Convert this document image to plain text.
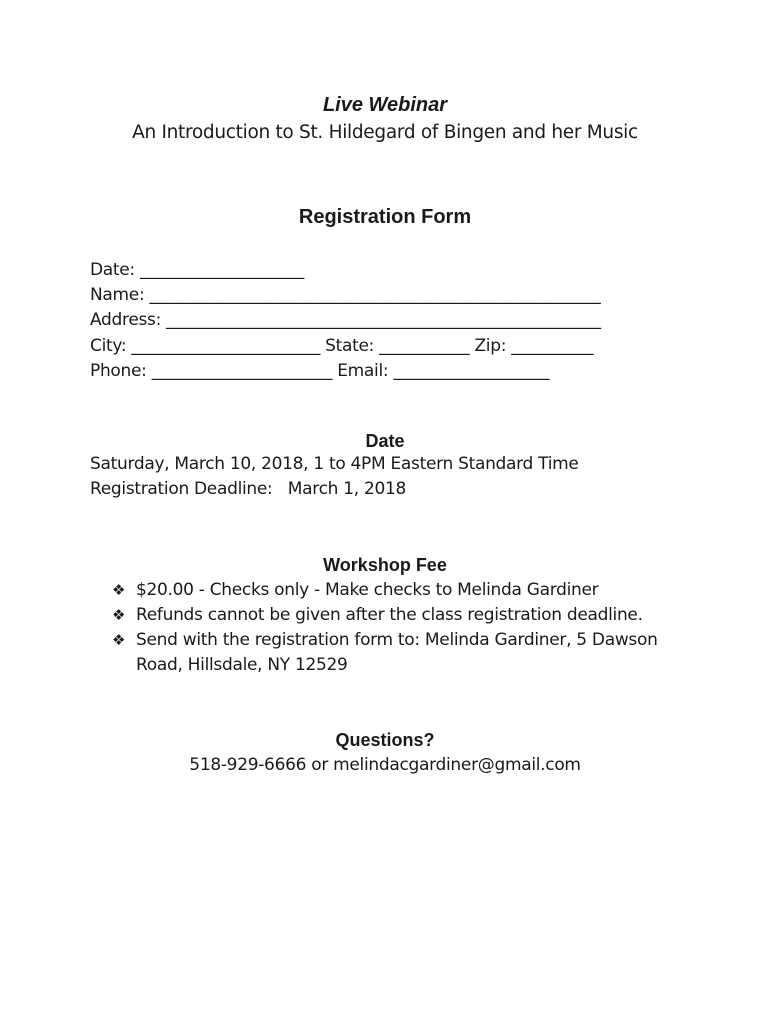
Live Webinar
An Introduction to St. Hildegard of Bingen and her Music
Registration Form
Date: ____________________
Name: _______________________________________________________
Address: _____________________________________________________
City: _______________________ State: ___________ Zip: __________
Phone: ______________________ Email: ___________________
Date
Saturday, March 10, 2018, 1 to 4PM Eastern Standard Time
Registration Deadline:   March 1, 2018
Workshop Fee
❖ $20.00 - Checks only - Make checks to Melinda Gardiner
❖ Refunds cannot be given after the class registration deadline.
❖ Send with the registration form to: Melinda Gardiner, 5 Dawson Road, Hillsdale, NY 12529
Questions?
518-929-6666 or melindacgardiner@gmail.com
